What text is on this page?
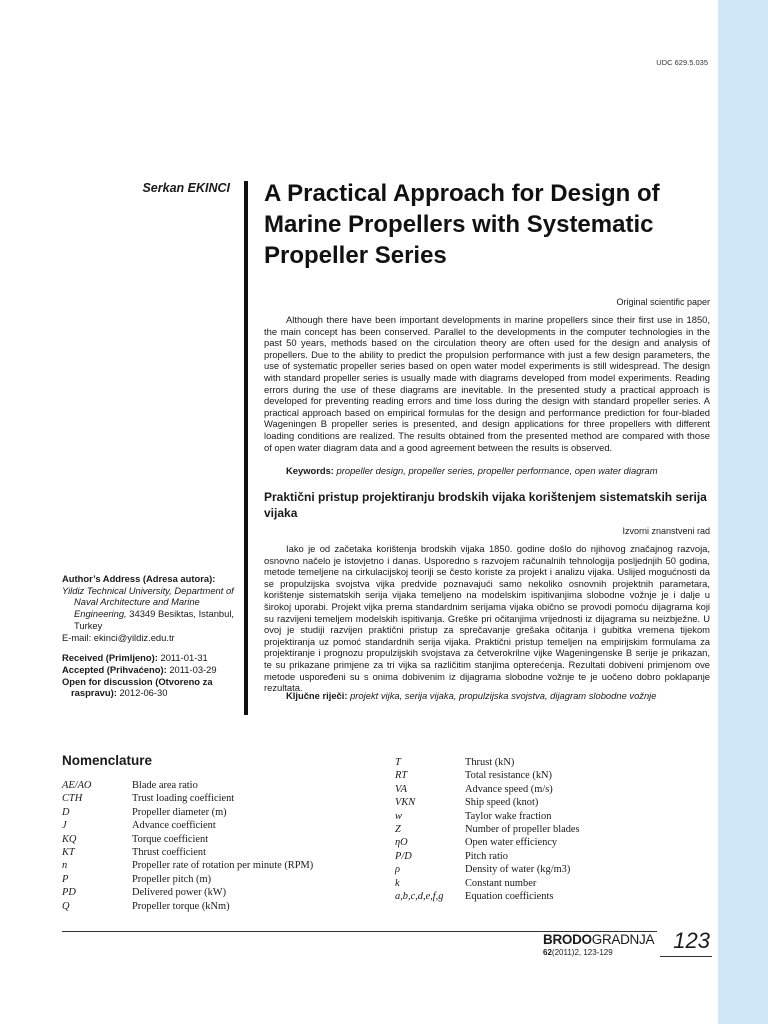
UDC 629.5.035
Serkan EKINCI A Practical Approach for Design of Marine Propellers with Systematic Propeller Series
Original scientific paper

Although there have been important developments in marine propellers since their first use in 1850, the main concept has been conserved. Parallel to the developments in the computer technologies in the past 50 years, methods based on the circulation theory are often used for the design and analysis of propellers. Due to the ability to predict the propulsion performance with just a few design parameters, the use of systematic propeller series based on open water model experiments is still widespread. The design with standard propeller series is usually made with diagrams developed from model experiments. Reading errors during the use of these diagrams are inevitable. In the presented study a practical approach is developed for preventing reading errors and time loss during the design with standard propeller series. A practical approach based on empirical formulas for the design and performance prediction for four-bladed Wageningen B propeller series is presented, and design applications for three propellers with different loading conditions are realized. The results obtained from the presented method are compared with those of open water diagram data and a good agreement between the results is observed.

Keywords: propeller design, propeller series, propeller performance, open water diagram

Praktični pristup projektiranju brodskih vijaka korištenjem sistematskih serija vijaka
Izvorni znanstveni rad

Iako je od začetaka korištenja brodskih vijaka 1850. godine došlo do njihovog značajnog razvoja, osnovno načelo je istovjetno i danas. Usporedno s razvojem računalnih tehnologija posljednjih 50 godina, metode temeljene na cirkulacijskoj teoriji se često koriste za projekt i analizu vijaka. Uslijed mogućnosti da se propulzijska svojstva vijka predvide poznavajući samo nekoliko osnovnih projektnih parametara, korištenje sistematskih serija vijaka temeljeno na modelskim ispitivanjima slobodne vožnje je i dalje u širokoj uporabi. Projekt vijka prema standardnim serijama vijaka obično se provodi pomoću dijagrama koji su razvijeni temeljem modelskih ispitivanja. Greške pri očitanjima vrijednosti iz dijagrama su neizbježne. U ovoj je studiji razvijen praktični pristup za sprečavanje grešaka očitanja i gubitka vremena tijekom projektiranja uz pomoć standardnih serija vijaka. Praktični pristup temeljen na empirijskim formulama za projektiranje i prognozu propulzijskih svojstava za četverokrilne vijke Wageningenske B serije je prikazan, te su prikazane primjene za tri vijka sa različitim stanjima opterećenja. Rezultati dobiveni primjenom ove metode uspoređeni su s onima dobivenim iz dijagrama slobodne vožnje te je uočeno dobro poklapanje rezultata.

Ključne riječi: projekt vijka, serija vijaka, propulzijska svojstva, dijagram slobodne vožnje

Author’s Address (Adresa autora):
Yildiz Technical University, Department of Naval Architecture and Marine Engineering, 34349 Besiktas, Istanbul, Turkey
E-mail: ekinci@yildiz.edu.tr
Received (Primljeno): 2011-01-31
Accepted (Prihvaćeno): 2011-03-29
Open for discussion (Otvoreno za raspravu): 2012-06-30
Nomenclature
AE/AO	Blade area ratio
CTH	Trust loading coefficient
D	Propeller diameter (m)
J	Advance coefficient
KQ	Torque coefficient
KT	Thrust coefficient
n	Propeller rate of rotation per minute (RPM)
P	Propeller pitch (m)
PD	Delivered power (kW)
Q	Propeller torque (kNm)
T	Thrust (kN)
RT	Total resistance (kN)
VA	Advance speed (m/s)
VKN	Ship speed (knot)
w	Taylor wake fraction
Z	Number of propeller blades
ηO	Open water efficiency
P/D	Pitch ratio
ρ	Density of water (kg/m3)
k	Constant number
a,b,c,d,e,f,g	Equation coefficients
BRODOGRADNJA
62(2011)2, 123-129	123
